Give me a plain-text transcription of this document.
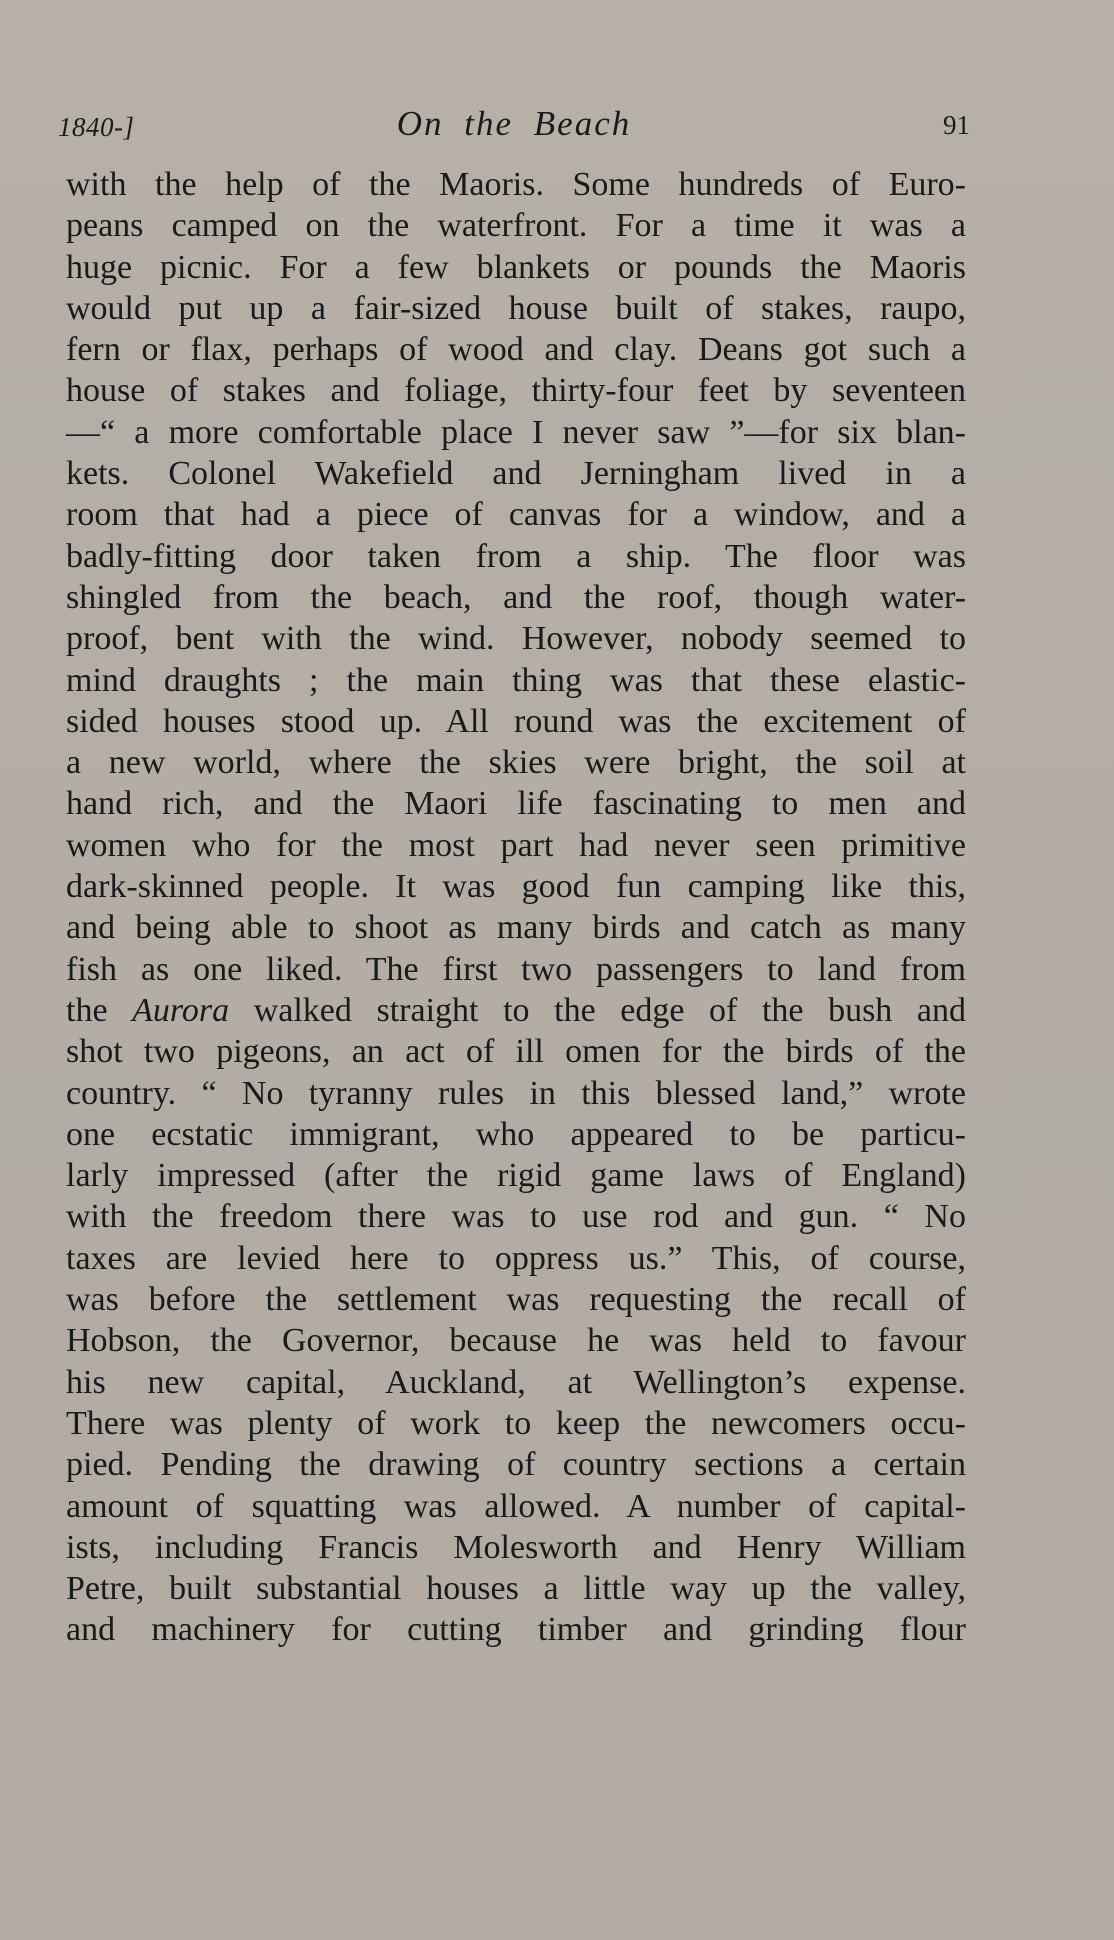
1840-]	On the Beach	91
with the help of the Maoris. Some hundreds of Euro-
peans camped on the waterfront. For a time it was a
huge picnic. For a few blankets or pounds the Maoris
would put up a fair-sized house built of stakes, raupo,
fern or flax, perhaps of wood and clay. Deans got such a
house of stakes and foliage, thirty-four feet by seventeen
—“ a more comfortable place I never saw ”—for six blan-
kets. Colonel Wakefield and Jerningham lived in a
room that had a piece of canvas for a window, and a
badly-fitting door taken from a ship. The floor was
shingled from the beach, and the roof, though water-
proof, bent with the wind. However, nobody seemed to
mind draughts ; the main thing was that these elastic-
sided houses stood up. All round was the excitement of
a new world, where the skies were bright, the soil at
hand rich, and the Maori life fascinating to men and
women who for the most part had never seen primitive
dark-skinned people. It was good fun camping like this,
and being able to shoot as many birds and catch as many
fish as one liked. The first two passengers to land from
the Aurora walked straight to the edge of the bush and
shot two pigeons, an act of ill omen for the birds of the
country. “ No tyranny rules in this blessed land,” wrote
one ecstatic immigrant, who appeared to be particu-
larly impressed (after the rigid game laws of England)
with the freedom there was to use rod and gun. “ No
taxes are levied here to oppress us.” This, of course,
was before the settlement was requesting the recall of
Hobson, the Governor, because he was held to favour
his new capital, Auckland, at Wellington’s expense.
There was plenty of work to keep the newcomers occu-
pied. Pending the drawing of country sections a certain
amount of squatting was allowed. A number of capital-
ists, including Francis Molesworth and Henry William
Petre, built substantial houses a little way up the valley,
and machinery for cutting timber and grinding flour
